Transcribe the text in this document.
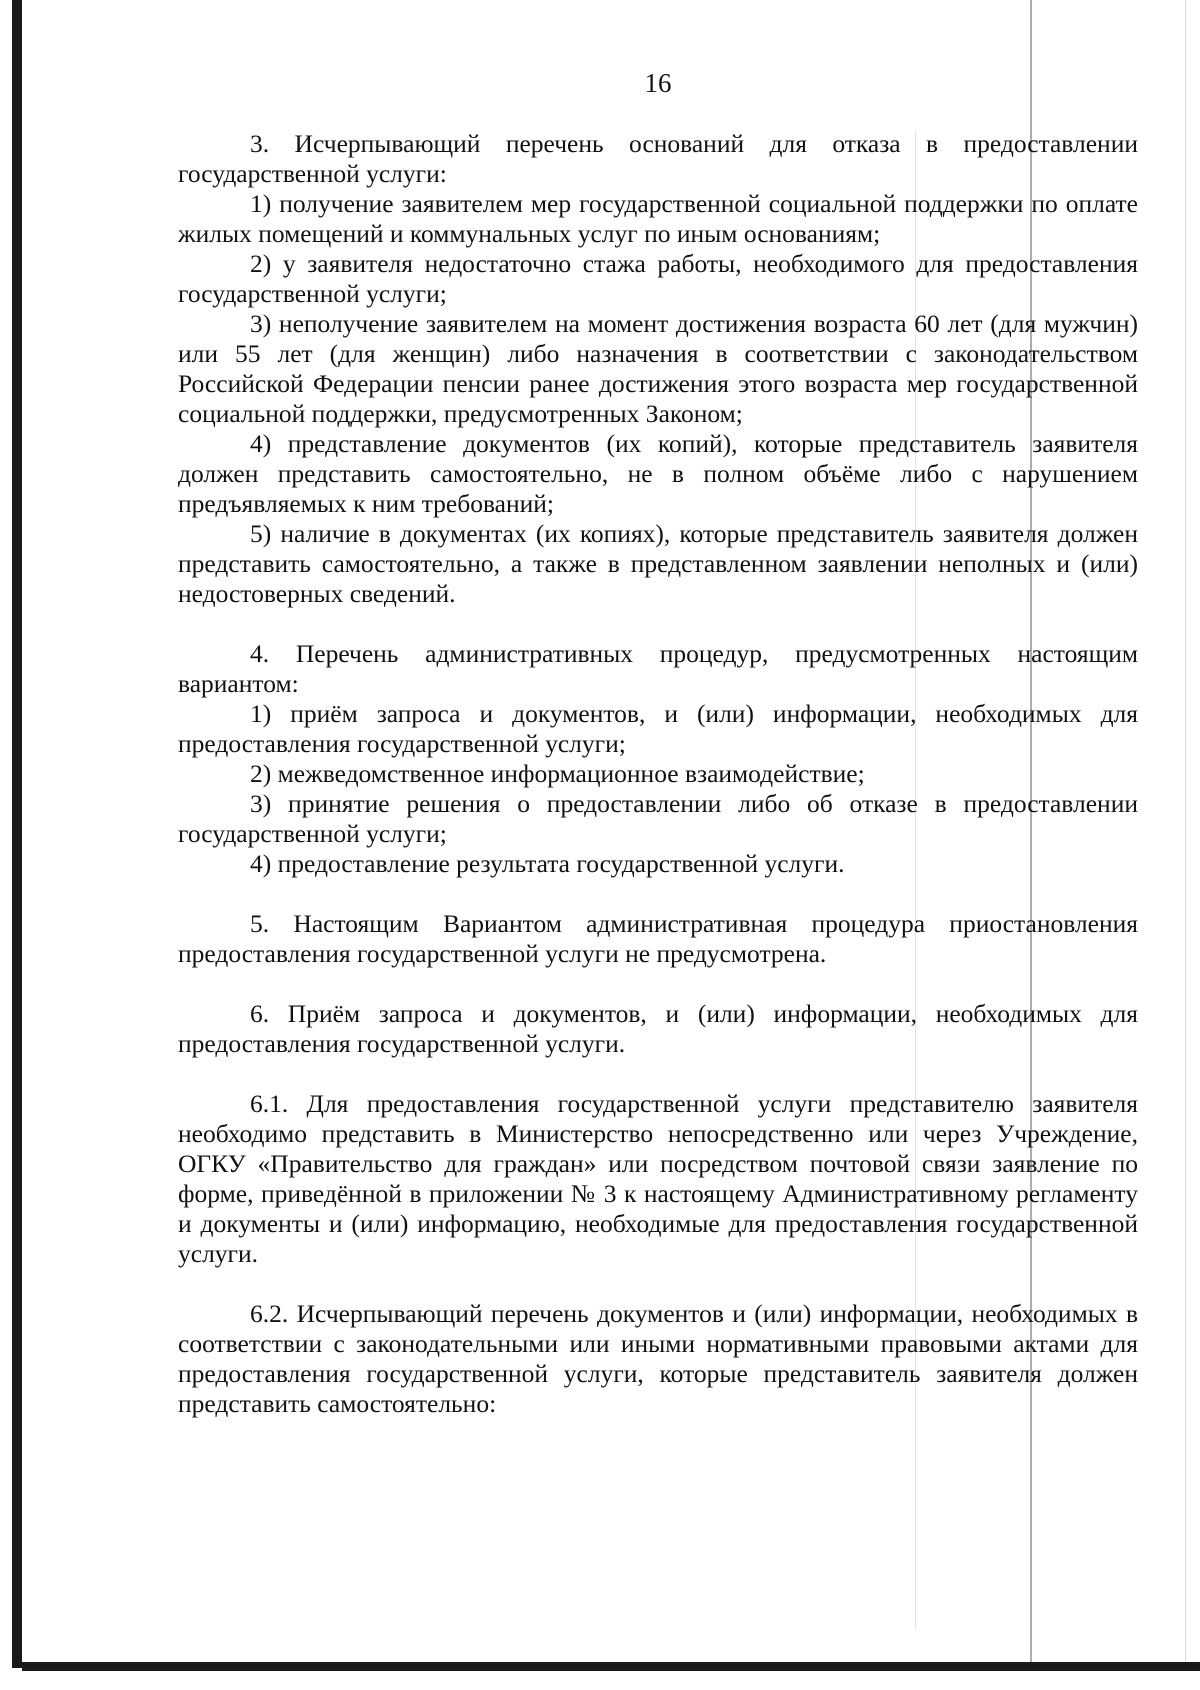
16

3. Исчерпывающий перечень оснований для отказа в предоставлении государственной услуги:

1) получение заявителем мер государственной социальной поддержки по оплате жилых помещений и коммунальных услуг по иным основаниям;

2) у заявителя недостаточно стажа работы, необходимого для предоставления государственной услуги;

3) неполучение заявителем на момент достижения возраста 60 лет (для мужчин) или 55 лет (для женщин) либо назначения в соответствии с законодательством Российской Федерации пенсии ранее достижения этого возраста мер государственной социальной поддержки, предусмотренных Законом;

4) представление документов (их копий), которые представитель заявителя должен представить самостоятельно, не в полном объёме либо с нарушением предъявляемых к ним требований;

5) наличие в документах (их копиях), которые представитель заявителя должен представить самостоятельно, а также в представленном заявлении неполных и (или) недостоверных сведений.

4. Перечень административных процедур, предусмотренных настоящим вариантом:

1) приём запроса и документов, и (или) информации, необходимых для предоставления государственной услуги;

2) межведомственное информационное взаимодействие;

3) принятие решения о предоставлении либо об отказе в предоставлении государственной услуги;

4) предоставление результата государственной услуги.

5. Настоящим Вариантом административная процедура приостановления предоставления государственной услуги не предусмотрена.

6. Приём запроса и документов, и (или) информации, необходимых для предоставления государственной услуги.

6.1. Для предоставления государственной услуги представителю заявителя необходимо представить в Министерство непосредственно или через Учреждение, ОГКУ «Правительство для граждан» или посредством почтовой связи заявление по форме, приведённой в приложении № 3 к настоящему Административному регламенту и документы и (или) информацию, необходимые для предоставления государственной услуги.

6.2. Исчерпывающий перечень документов и (или) информации, необходимых в соответствии с законодательными или иными нормативными правовыми актами для предоставления государственной услуги, которые представитель заявителя должен представить самостоятельно:
